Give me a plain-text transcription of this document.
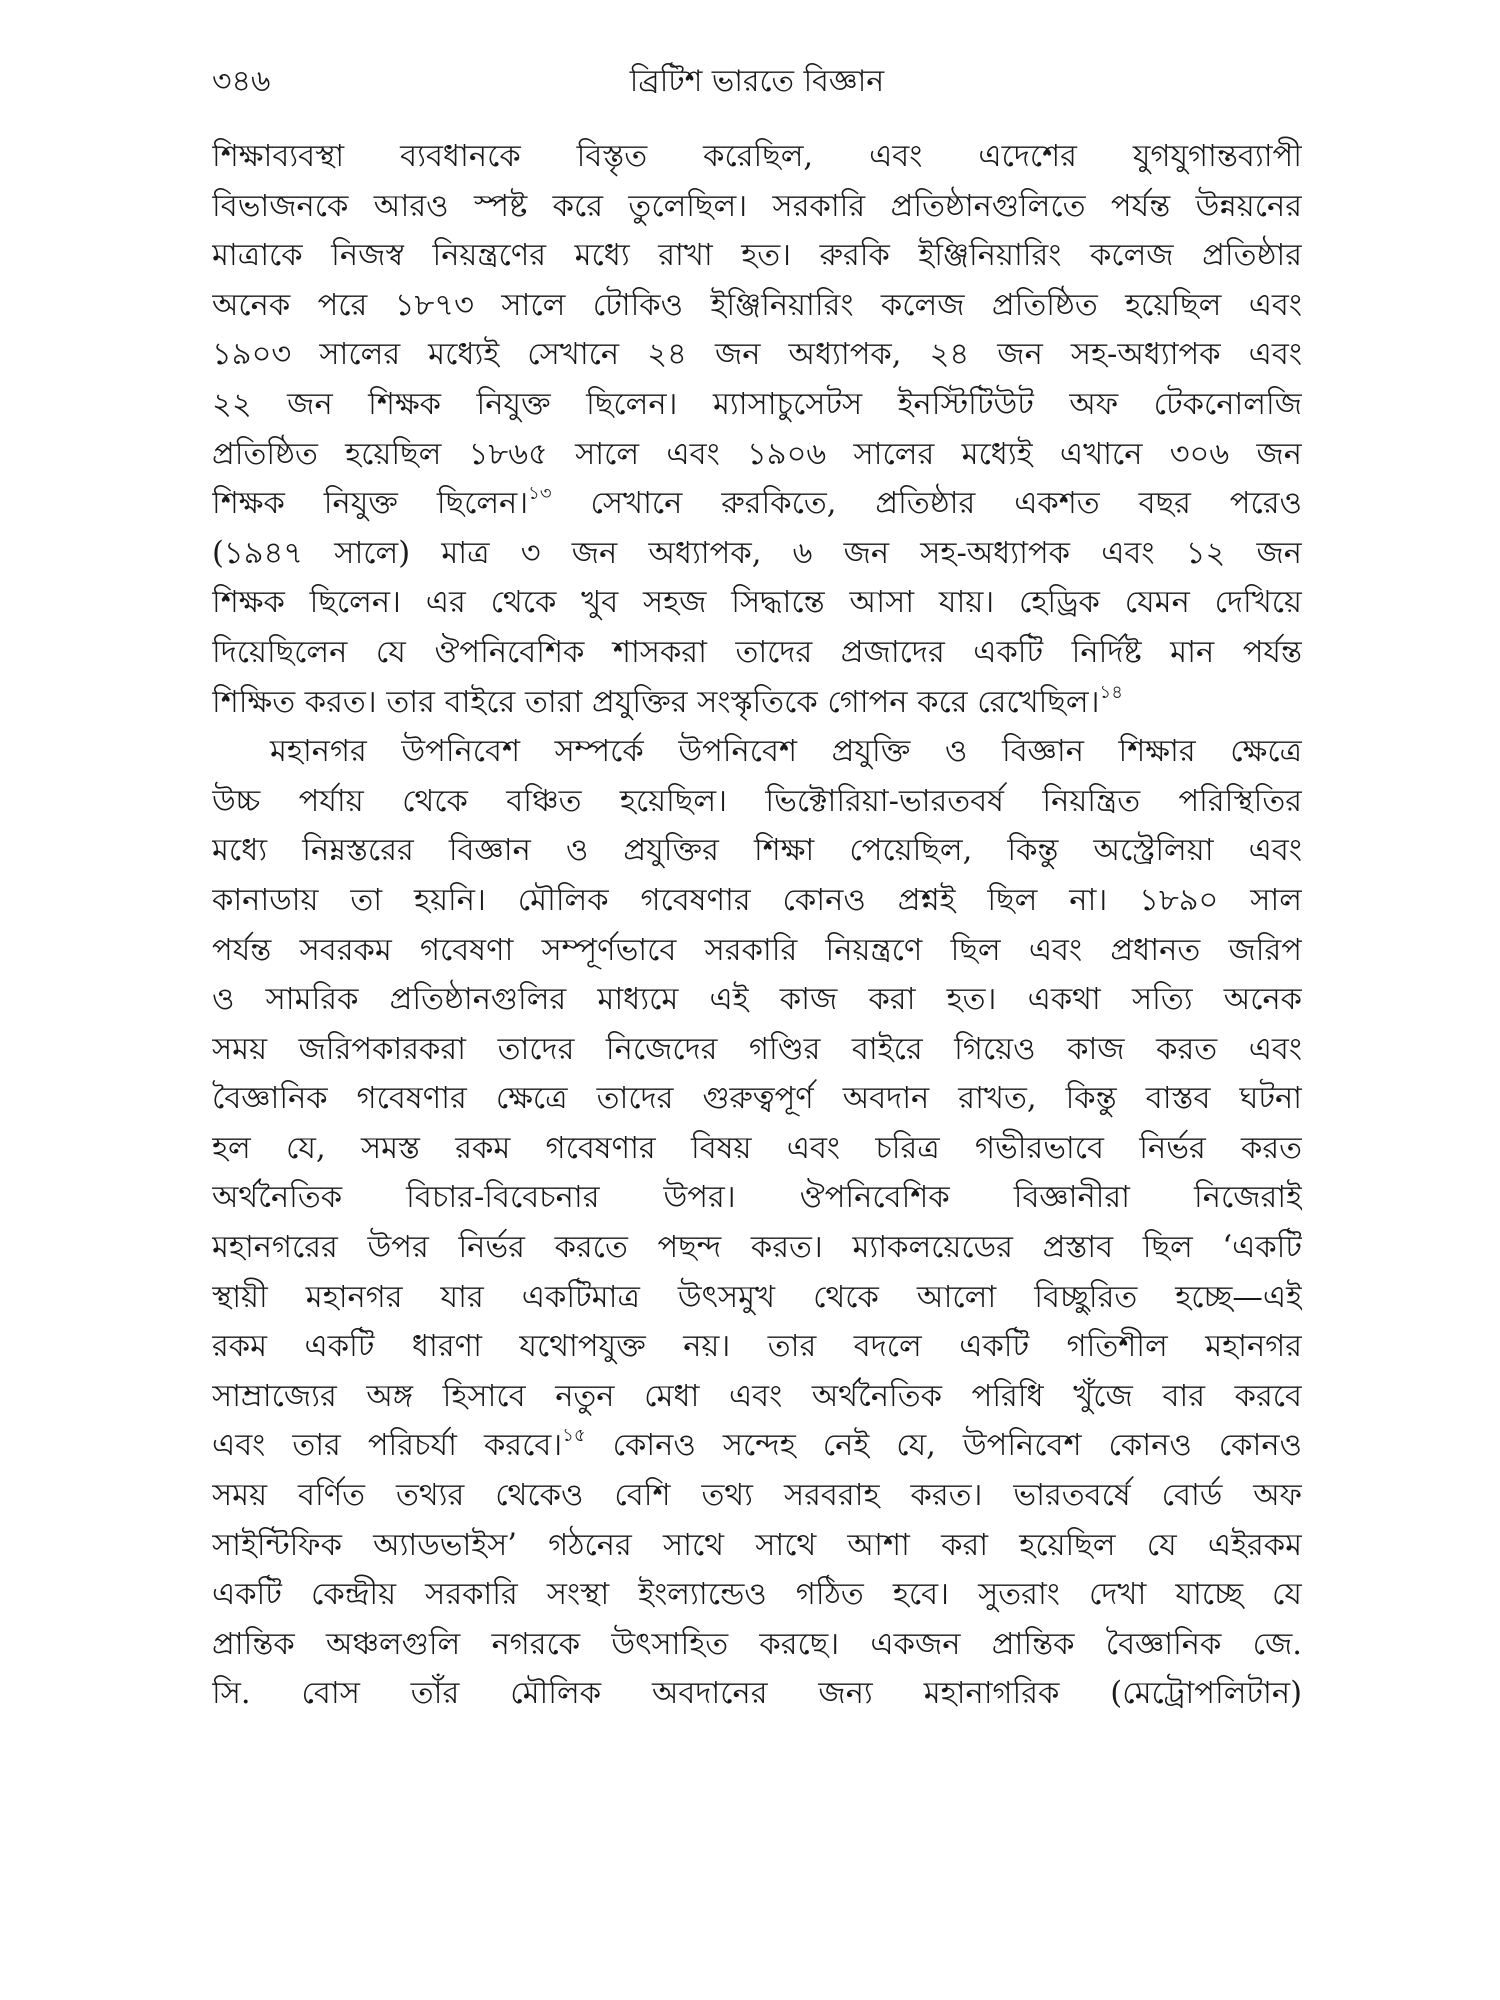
৩৪৬	ব্রিটিশ ভারতে বিজ্ঞান
শিক্ষাব্যবস্থা ব্যবধানকে বিস্তৃত করেছিল, এবং এদেশের যুগযুগান্তব্যাপী
বিভাজনকে আরও স্পষ্ট করে তুলেছিল। সরকারি প্রতিষ্ঠানগুলিতে পর্যন্ত উন্নয়নের
মাত্রাকে নিজস্ব নিয়ন্ত্রণের মধ্যে রাখা হত। রুরকি ইঞ্জিনিয়ারিং কলেজ প্রতিষ্ঠার
অনেক পরে ১৮৭৩ সালে টোকিও ইঞ্জিনিয়ারিং কলেজ প্রতিষ্ঠিত হয়েছিল এবং
১৯০৩ সালের মধ্যেই সেখানে ২৪ জন অধ্যাপক, ২৪ জন সহ-অধ্যাপক এবং
২২ জন শিক্ষক নিযুক্ত ছিলেন। ম্যাসাচুসেটস ইনস্টিটিউট অফ টেকনোলজি
প্রতিষ্ঠিত হয়েছিল ১৮৬৫ সালে এবং ১৯০৬ সালের মধ্যেই এখানে ৩০৬ জন
শিক্ষক নিযুক্ত ছিলেন।$^{১৩}$ সেখানে রুরকিতে, প্রতিষ্ঠার একশত বছর পরেও
(১৯৪৭ সালে) মাত্র ৩ জন অধ্যাপক, ৬ জন সহ-অধ্যাপক এবং ১২ জন
শিক্ষক ছিলেন। এর থেকে খুব সহজ সিদ্ধান্তে আসা যায়। হেড্রিক যেমন দেখিয়ে
দিয়েছিলেন যে ঔপনিবেশিক শাসকরা তাদের প্রজাদের একটি নির্দিষ্ট মান পর্যন্ত
শিক্ষিত করত। তার বাইরে তারা প্রযুক্তির সংস্কৃতিকে গোপন করে রেখেছিল।$^{১৪}$
মহানগর উপনিবেশ সম্পর্কে উপনিবেশ প্রযুক্তি ও বিজ্ঞান শিক্ষার ক্ষেত্রে
উচ্চ পর্যায় থেকে বঞ্চিত হয়েছিল। ভিক্টোরিয়া-ভারতবর্ষ নিয়ন্ত্রিত পরিস্থিতির
মধ্যে নিম্নস্তরের বিজ্ঞান ও প্রযুক্তির শিক্ষা পেয়েছিল, কিন্তু অস্ট্রেলিয়া এবং
কানাডায় তা হয়নি। মৌলিক গবেষণার কোনও প্রশ্নই ছিল না। ১৮৯০ সাল
পর্যন্ত সবরকম গবেষণা সম্পূর্ণভাবে সরকারি নিয়ন্ত্রণে ছিল এবং প্রধানত জরিপ
ও সামরিক প্রতিষ্ঠানগুলির মাধ্যমে এই কাজ করা হত। একথা সত্যি অনেক
সময় জরিপকারকরা তাদের নিজেদের গণ্ডির বাইরে গিয়েও কাজ করত এবং
বৈজ্ঞানিক গবেষণার ক্ষেত্রে তাদের গুরুত্বপূর্ণ অবদান রাখত, কিন্তু বাস্তব ঘটনা
হল যে, সমস্ত রকম গবেষণার বিষয় এবং চরিত্র গভীরভাবে নির্ভর করত
অর্থনৈতিক বিচার-বিবেচনার উপর। ঔপনিবেশিক বিজ্ঞানীরা নিজেরাই
মহানগরের উপর নির্ভর করতে পছন্দ করত। ম্যাকলয়েডের প্রস্তাব ছিল ‘একটি
স্থায়ী মহানগর যার একটিমাত্র উৎসমুখ থেকে আলো বিচ্ছুরিত হচ্ছে—এই
রকম একটি ধারণা যথোপযুক্ত নয়। তার বদলে একটি গতিশীল মহানগর
সাম্রাজ্যের অঙ্গ হিসাবে নতুন মেধা এবং অর্থনৈতিক পরিধি খুঁজে বার করবে
এবং তার পরিচর্যা করবে।$^{১৫}$ কোনও সন্দেহ নেই যে, উপনিবেশ কোনও কোনও
সময় বর্ণিত তথ্যর থেকেও বেশি তথ্য সরবরাহ করত। ভারতবর্ষে বোর্ড অফ
সাইন্টিফিক অ্যাডভাইস’ গঠনের সাথে সাথে আশা করা হয়েছিল যে এইরকম
একটি কেন্দ্রীয় সরকারি সংস্থা ইংল্যান্ডেও গঠিত হবে। সুতরাং দেখা যাচ্ছে যে
প্রান্তিক অঞ্চলগুলি নগরকে উৎসাহিত করছে। একজন প্রান্তিক বৈজ্ঞানিক জে.
সি. বোস তাঁর মৌলিক অবদানের জন্য মহানাগরিক (মেট্রোপলিটান)
